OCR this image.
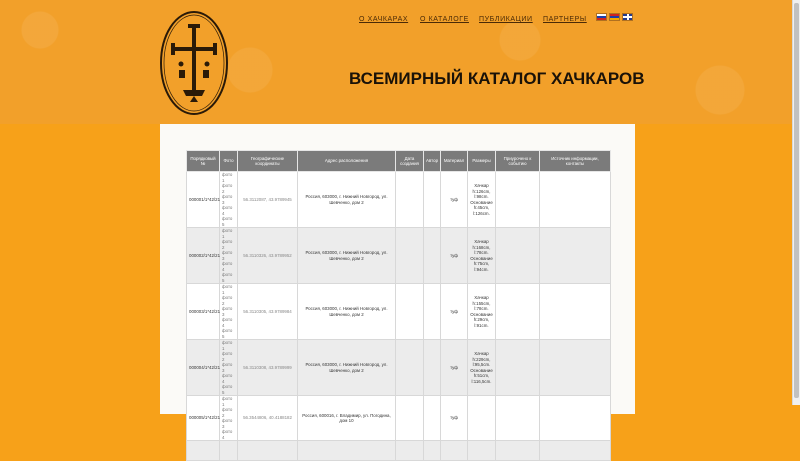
О ХАЧКАРАХ О КАТАЛОГЕ ПУБЛИКАЦИИ ПАРТНЕРЫ
ВСЕМИРНЫЙ КАТАЛОГ ХАЧКАРОВ
Порядковый №	Фото	Географические координаты	Адрес расположения	Дата создания	Автор	Материал	Размеры	Приурочено к событию	Источник информации, контакты
000001/1*42/21	фото 1
фото 2
фото 3
фото 4
фото 5	56.3112087, 43.9789945	Россия, 603000, г. Нижний Новгород, ул. Шевченко, дом 2			туф	Хачкар h:126cm, l:98cm. Основание h:45cm, l:126cm.		
000002/1*42/21	фото 1
фото 2
фото 3
фото 4
фото 5	56.3110326, 43.9789952	Россия, 603000, г. Нижний Новгород, ул. Шевченко, дом 2			туф	Хачкар h:168cm, l:78cm. Основание h:75cm, l:94cm.		
000003/1*42/21	фото 1
фото 2
фото 3
фото 4
фото 5	56.3110305, 43.9789984	Россия, 603000, г. Нижний Новгород, ул. Шевченко, дом 2			туф	Хачкар h:155cm, l:78cm. Основание h:29cm, l:91cm.		
000004/1*42/21	фото 1
фото 2
фото 3
фото 4
фото 5	56.3110308, 43.9789999	Россия, 603000, г. Нижний Новгород, ул. Шевченко, дом 2			туф	Хачкар h:229cm, l:95,5cm. Основание h:51cm, l:116,5cm.		
000005/1*42/21	фото 1
фото 2
фото 3
фото 4	56.3544806, 40.4188182	Россия, 600016, г. Владимир, ул. Погодина, дом 10			туф			
